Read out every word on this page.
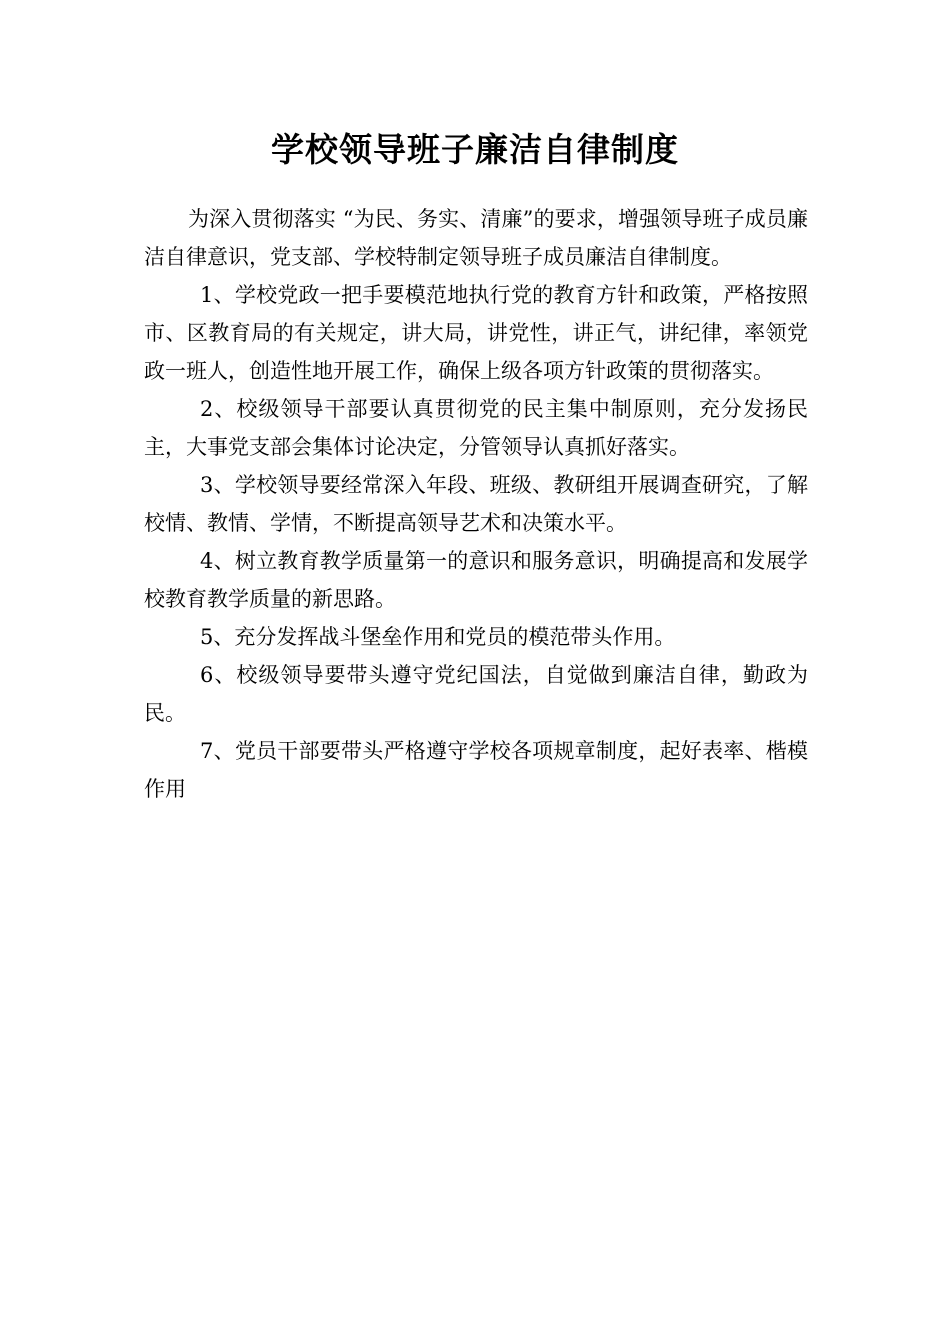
学校领导班子廉洁自律制度

为深入贯彻落实 “为民、务实、清廉”的要求，增强领导班子成员廉洁自律意识，党支部、学校特制定领导班子成员廉洁自律制度。

1、学校党政一把手要模范地执行党的教育方针和政策，严格按照市、区教育局的有关规定，讲大局，讲党性，讲正气，讲纪律，率领党政一班人，创造性地开展工作，确保上级各项方针政策的贯彻落实。

2、校级领导干部要认真贯彻党的民主集中制原则，充分发扬民主，大事党支部会集体讨论决定，分管领导认真抓好落实。

3、学校领导要经常深入年段、班级、教研组开展调查研究，了解校情、教情、学情，不断提高领导艺术和决策水平。

4、树立教育教学质量第一的意识和服务意识，明确提高和发展学校教育教学质量的新思路。

5、充分发挥战斗堡垒作用和党员的模范带头作用。

6、校级领导要带头遵守党纪国法，自觉做到廉洁自律，勤政为民。

7、党员干部要带头严格遵守学校各项规章制度，起好表率、楷模作用
